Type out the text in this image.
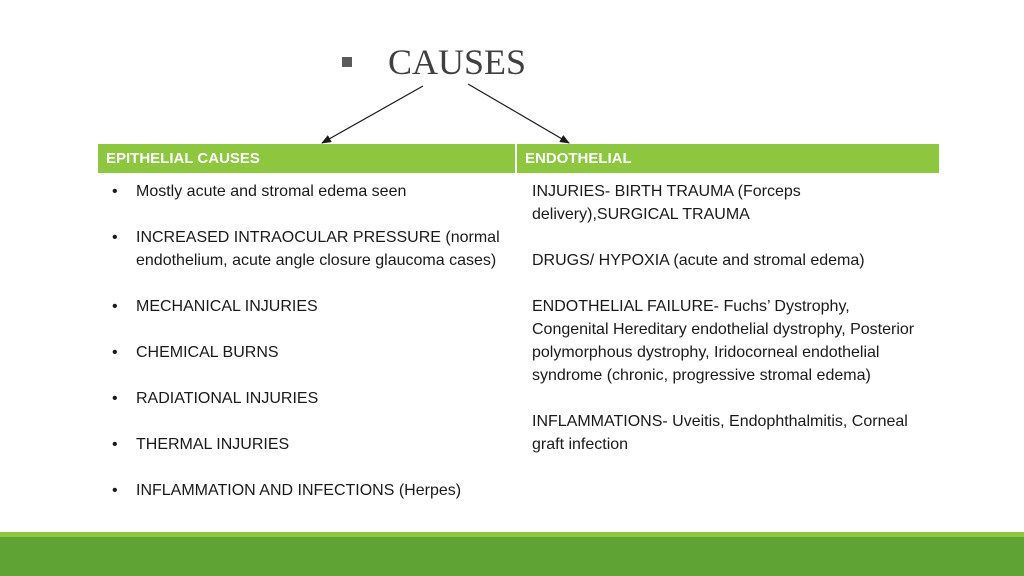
CAUSES
EPITHELIAL CAUSES	ENDOTHELIAL
• Mostly acute and stromal edema seen
• INCREASED INTRAOCULAR PRESSURE (normal endothelium, acute angle closure glaucoma cases)
• MECHANICAL INJURIES
• CHEMICAL BURNS
• RADIATIONAL INJURIES
• THERMAL INJURIES
• INFLAMMATION AND INFECTIONS (Herpes)

INJURIES- BIRTH TRAUMA (Forceps delivery),SURGICAL TRAUMA

DRUGS/ HYPOXIA (acute and stromal edema)

ENDOTHELIAL FAILURE- Fuchs’ Dystrophy, Congenital Hereditary endothelial dystrophy, Posterior polymorphous dystrophy, Iridocorneal endothelial syndrome (chronic, progressive stromal edema)

INFLAMMATIONS- Uveitis, Endophthalmitis, Corneal graft infection
